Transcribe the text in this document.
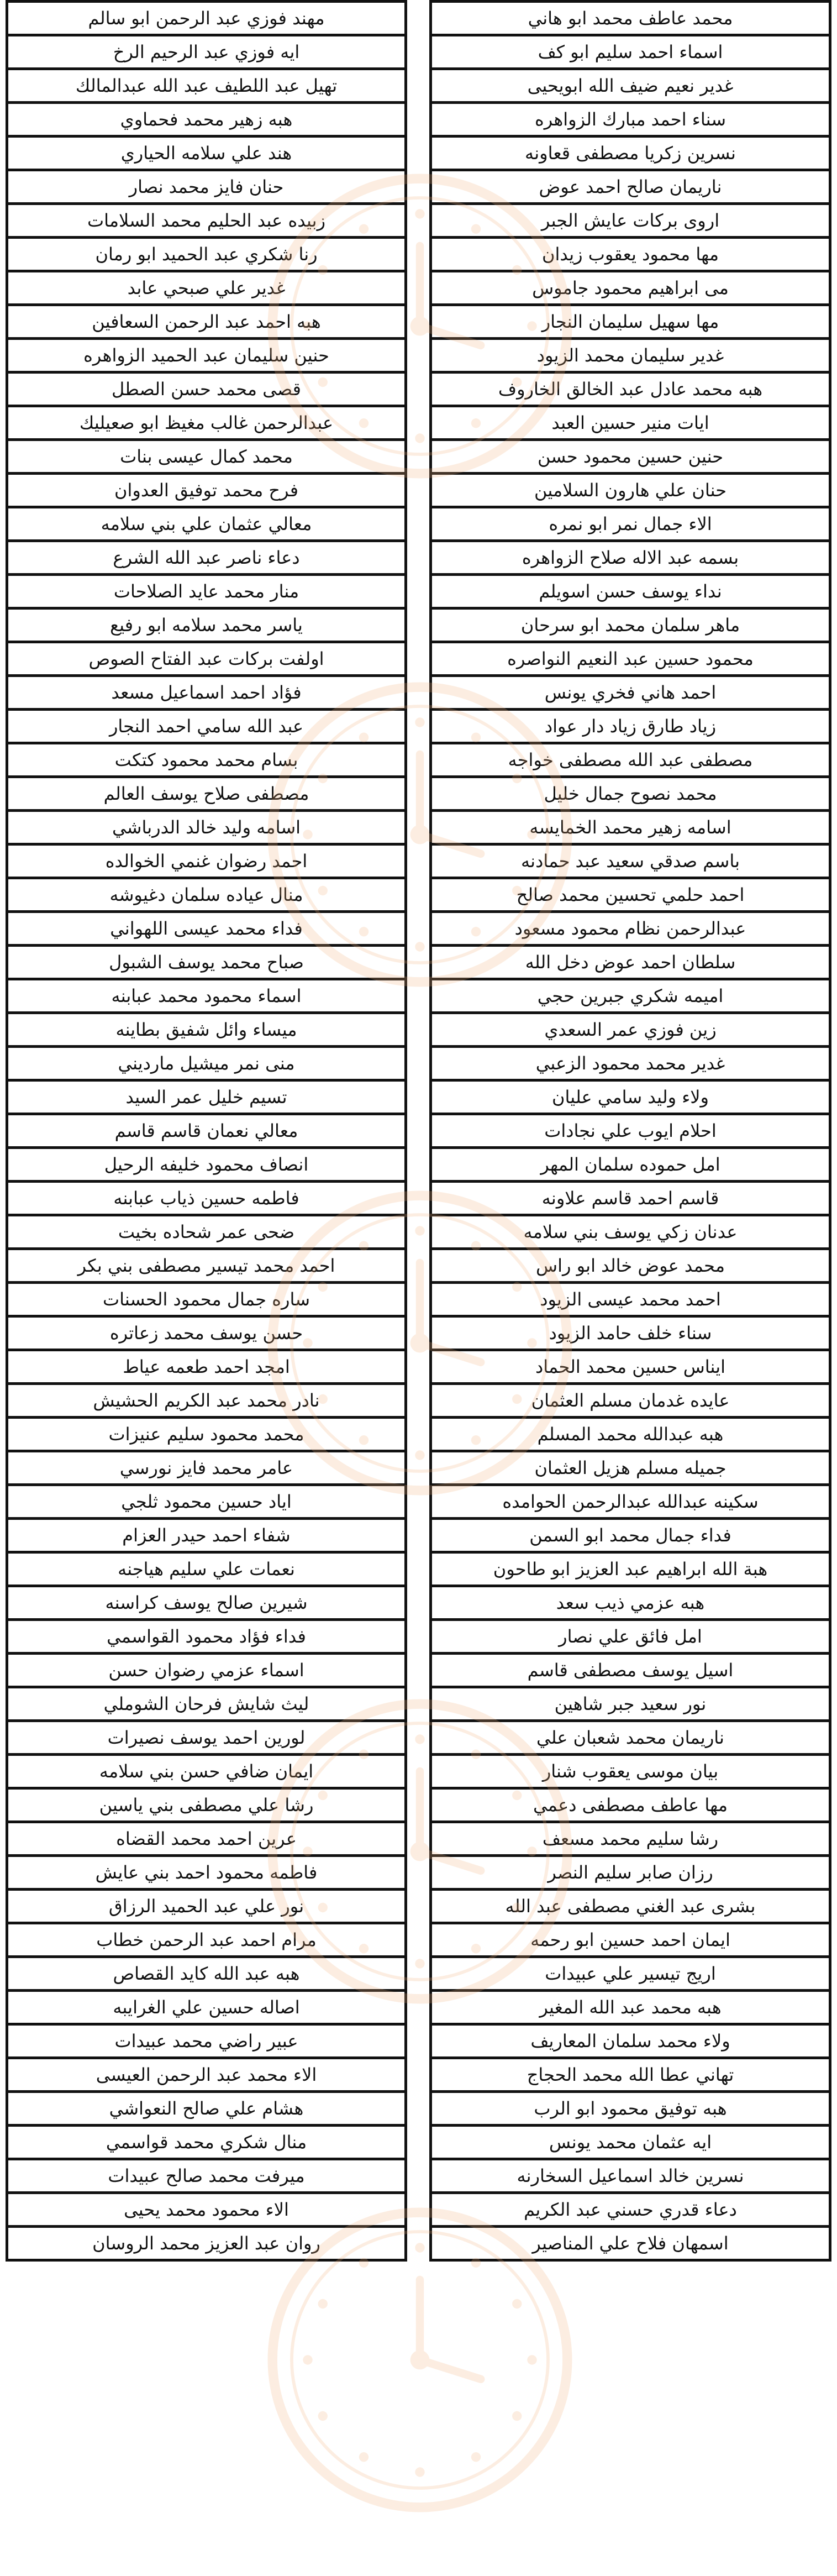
محمد عاطف محمد ابو هاني
اسماء احمد سليم ابو كف
غدير نعيم ضيف الله ابويحيى
سناء احمد مبارك الزواهره
نسرين زكريا مصطفى قعاونه
ناريمان صالح احمد عوض
اروى بركات عايش الجبر
مها محمود يعقوب زيدان
مى ابراهيم محمود جاموس
مها سهيل سليمان النجار
غدير سليمان محمد الزيود
هبه محمد عادل عبد الخالق الخاروف
ايات منير حسين العبد
حنين حسين محمود حسن
حنان علي هارون السلامين
الاء جمال نمر ابو نمره
بسمه عبد الاله صلاح الزواهره
نداء يوسف حسن اسويلم
ماهر سلمان محمد ابو سرحان
محمود حسين عبد النعيم النواصره
احمد هاني فخري يونس
زياد طارق زياد دار عواد
مصطفى عبد الله مصطفى خواجه
محمد نصوح جمال خليل
اسامه زهير محمد الخمايسه
باسم صدقي سعيد عبد حمادنه
احمد حلمي تحسين محمد صالح
عبدالرحمن نظام محمود مسعود
سلطان احمد عوض دخل الله
اميمه شكري جبرين حجي
زين فوزي عمر السعدي
غدير محمد محمود الزعبي
ولاء وليد سامي عليان
احلام ايوب علي نجادات
امل حموده سلمان المهر
قاسم احمد قاسم علاونه
عدنان زكي يوسف بني سلامه
محمد عوض خالد ابو راس
احمد محمد عيسى الزيود
سناء خلف حامد الزيود
ايناس حسين محمد الحماد
عايده غدمان مسلم العثمان
هبه عبدالله محمد المسلم
جميله مسلم هزيل العثمان
سكينه عبدالله عبدالرحمن الحوامده
فداء جمال محمد ابو السمن
هبة الله ابراهيم عبد العزيز ابو طاحون
هبه عزمي ذيب سعد
امل فائق علي نصار
اسيل يوسف مصطفى قاسم
نور سعيد جبر شاهين
ناريمان محمد شعبان علي
بيان موسى يعقوب شنار
مها عاطف مصطفى دعمي
رشا سليم محمد مسعف
رزان صابر سليم النصر
بشرى عبد الغني مصطفى عبد الله
ايمان احمد حسين ابو رحمه
اريج تيسير علي عبيدات
هبه محمد عبد الله المغير
ولاء محمد سلمان المعاريف
تهاني عطا الله محمد الحجاج
هبه توفيق محمود ابو الرب
ايه عثمان محمد يونس
نسرين خالد اسماعيل السخارنه
دعاء قدري حسني عبد الكريم
اسمهان فلاح علي المناصير
مهند فوزي عبد الرحمن ابو سالم
ايه فوزي عبد الرحيم الرخ
تهيل عبد اللطيف عبد الله عبدالمالك
هبه زهير محمد فحماوي
هند علي سلامه الحياري
حنان فايز محمد نصار
زبيده عبد الحليم محمد السلامات
رنا شكري عبد الحميد ابو رمان
غدير علي صبحي عابد
هبه احمد عبد الرحمن السعافين
حنين سليمان عبد الحميد الزواهره
قصى محمد حسن الصطل
عبدالرحمن غالب مغيظ ابو صعيليك
محمد كمال عيسى بنات
فرح محمد توفيق العدوان
معالي عثمان علي بني سلامه
دعاء ناصر عبد الله الشرع
منار محمد عايد الصلاحات
ياسر محمد سلامه ابو رفيع
اولفت بركات عبد الفتاح الصوص
فؤاد احمد اسماعيل مسعد
عبد الله سامي احمد النجار
بسام محمد محمود كتكت
مصطفى صلاح يوسف العالم
اسامه وليد خالد الدرباشي
احمد رضوان غنمي الخوالده
منال عياده سلمان دغيوشه
فداء محمد عيسى اللهواني
صباح محمد يوسف الشبول
اسماء محمود محمد عبابنه
ميساء وائل شفيق بطاينه
منى نمر ميشيل مارديني
تسيم خليل عمر السيد
معالي نعمان قاسم قاسم
انصاف محمود خليفه الرحيل
فاطمه حسين ذياب عبابنه
ضحى عمر شحاده بخيت
احمد محمد تيسير مصطفى بني بكر
ساره جمال محمود الحسنات
حسن يوسف محمد زعاتره
امجد احمد طعمه عياط
نادر محمد عبد الكريم الحشيش
محمد محمود سليم عنيزات
عامر محمد فايز نورسي
اياد حسين محمود ثلجي
شفاء احمد حيدر العزام
نعمات علي سليم هياجنه
شيرين صالح يوسف كراسنه
فداء فؤاد محمود القواسمي
اسماء عزمي رضوان حسن
ليث شايش فرحان الشوملي
لورين احمد يوسف نصيرات
ايمان ضافي حسن بني سلامه
رشا علي مصطفى بني ياسين
عرين احمد محمد القضاه
فاطمه محمود احمد بني عايش
نور علي عبد الحميد الرزاق
مرام احمد عبد الرحمن خطاب
هبه عبد الله كايد القصاص
اصاله حسين علي الغرايبه
عبير راضي محمد عبيدات
الاء محمد عبد الرحمن العيسى
هشام علي صالح النعواشي
منال شكري محمد قواسمي
ميرفت محمد صالح عبيدات
الاء محمود محمد يحيى
روان عبد العزيز محمد الروسان
